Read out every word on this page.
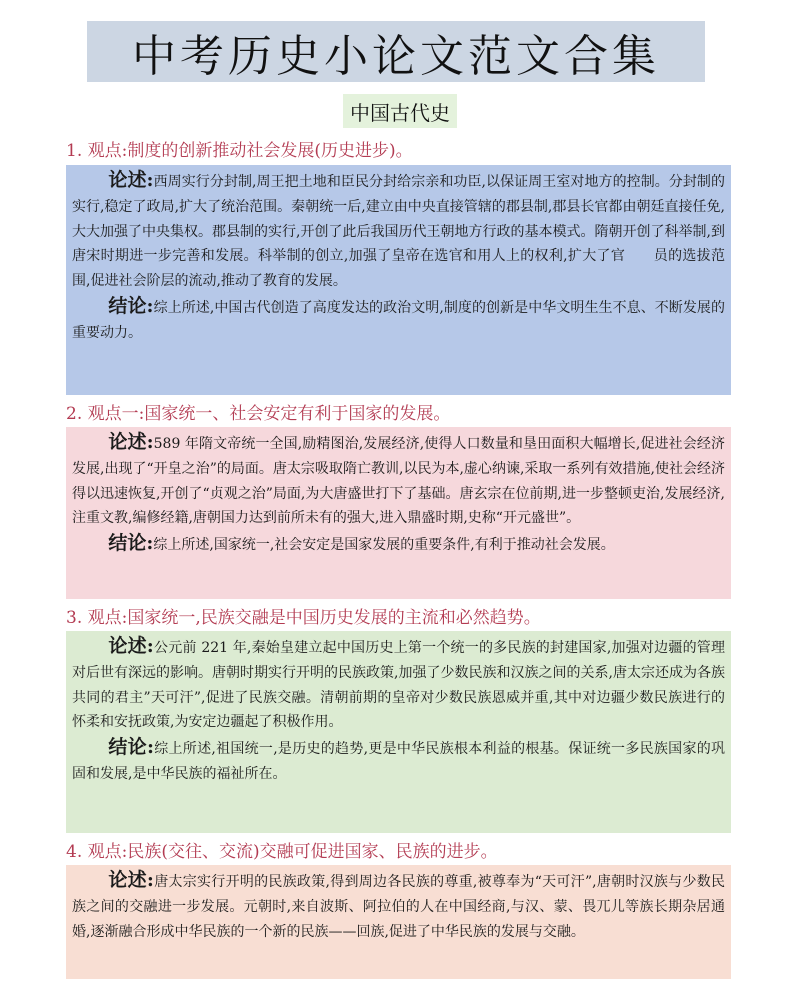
中考历史小论文范文合集
中国古代史
1. 观点:制度的创新推动社会发展(历史进步)。

论述:西周实行分封制,周王把土地和臣民分封给宗亲和功臣,以保证周王室对地方的控制。分封制的实行,稳定了政局,扩大了统治范围。秦朝统一后,建立由中央直接管辖的郡县制,郡县长官都由朝廷直接任免,大大加强了中央集权。郡县制的实行,开创了此后我国历代王朝地方行政的基本模式。隋朝开创了科举制,到唐宋时期进一步完善和发展。科举制的创立,加强了皇帝在选官和用人上的权利,扩大了官　　员的选拔范围,促进社会阶层的流动,推动了教育的发展。

结论:综上所述,中国古代创造了高度发达的政治文明,制度的创新是中华文明生生不息、不断发展的重要动力。

2. 观点一:国家统一、社会安定有利于国家的发展。

论述:589 年隋文帝统一全国,励精图治,发展经济,使得人口数量和垦田面积大幅增长,促进社会经济发展,出现了“开皇之治”的局面。唐太宗吸取隋亡教训,以民为本,虚心纳谏,采取一系列有效措施,使社会经济得以迅速恢复,开创了“贞观之治”局面,为大唐盛世打下了基础。唐玄宗在位前期,进一步整顿吏治,发展经济,注重文教,编修经籍,唐朝国力达到前所未有的强大,进入鼎盛时期,史称“开元盛世”。

结论:综上所述,国家统一,社会安定是国家发展的重要条件,有利于推动社会发展。

3. 观点:国家统一,民族交融是中国历史发展的主流和必然趋势。

论述:公元前 221 年,秦始皇建立起中国历史上第一个统一的多民族的封建国家,加强对边疆的管理对后世有深远的影响。唐朝时期实行开明的民族政策,加强了少数民族和汉族之间的关系,唐太宗还成为各族共同的君主”天可汗”,促进了民族交融。清朝前期的皇帝对少数民族恩威并重,其中对边疆少数民族进行的怀柔和安抚政策,为安定边疆起了积极作用。

结论:综上所述,祖国统一,是历史的趋势,更是中华民族根本利益的根基。保证统一多民族国家的巩固和发展,是中华民族的福祉所在。

4. 观点:民族(交往、交流)交融可促进国家、民族的进步。

论述:唐太宗实行开明的民族政策,得到周边各民族的尊重,被尊奉为“天可汗”,唐朝时汉族与少数民族之间的交融进一步发展。元朝时,来自波斯、阿拉伯的人在中国经商,与汉、蒙、畏兀儿等族长期杂居通婚,逐渐融合形成中华民族的一个新的民族——回族,促进了中华民族的发展与交融。
